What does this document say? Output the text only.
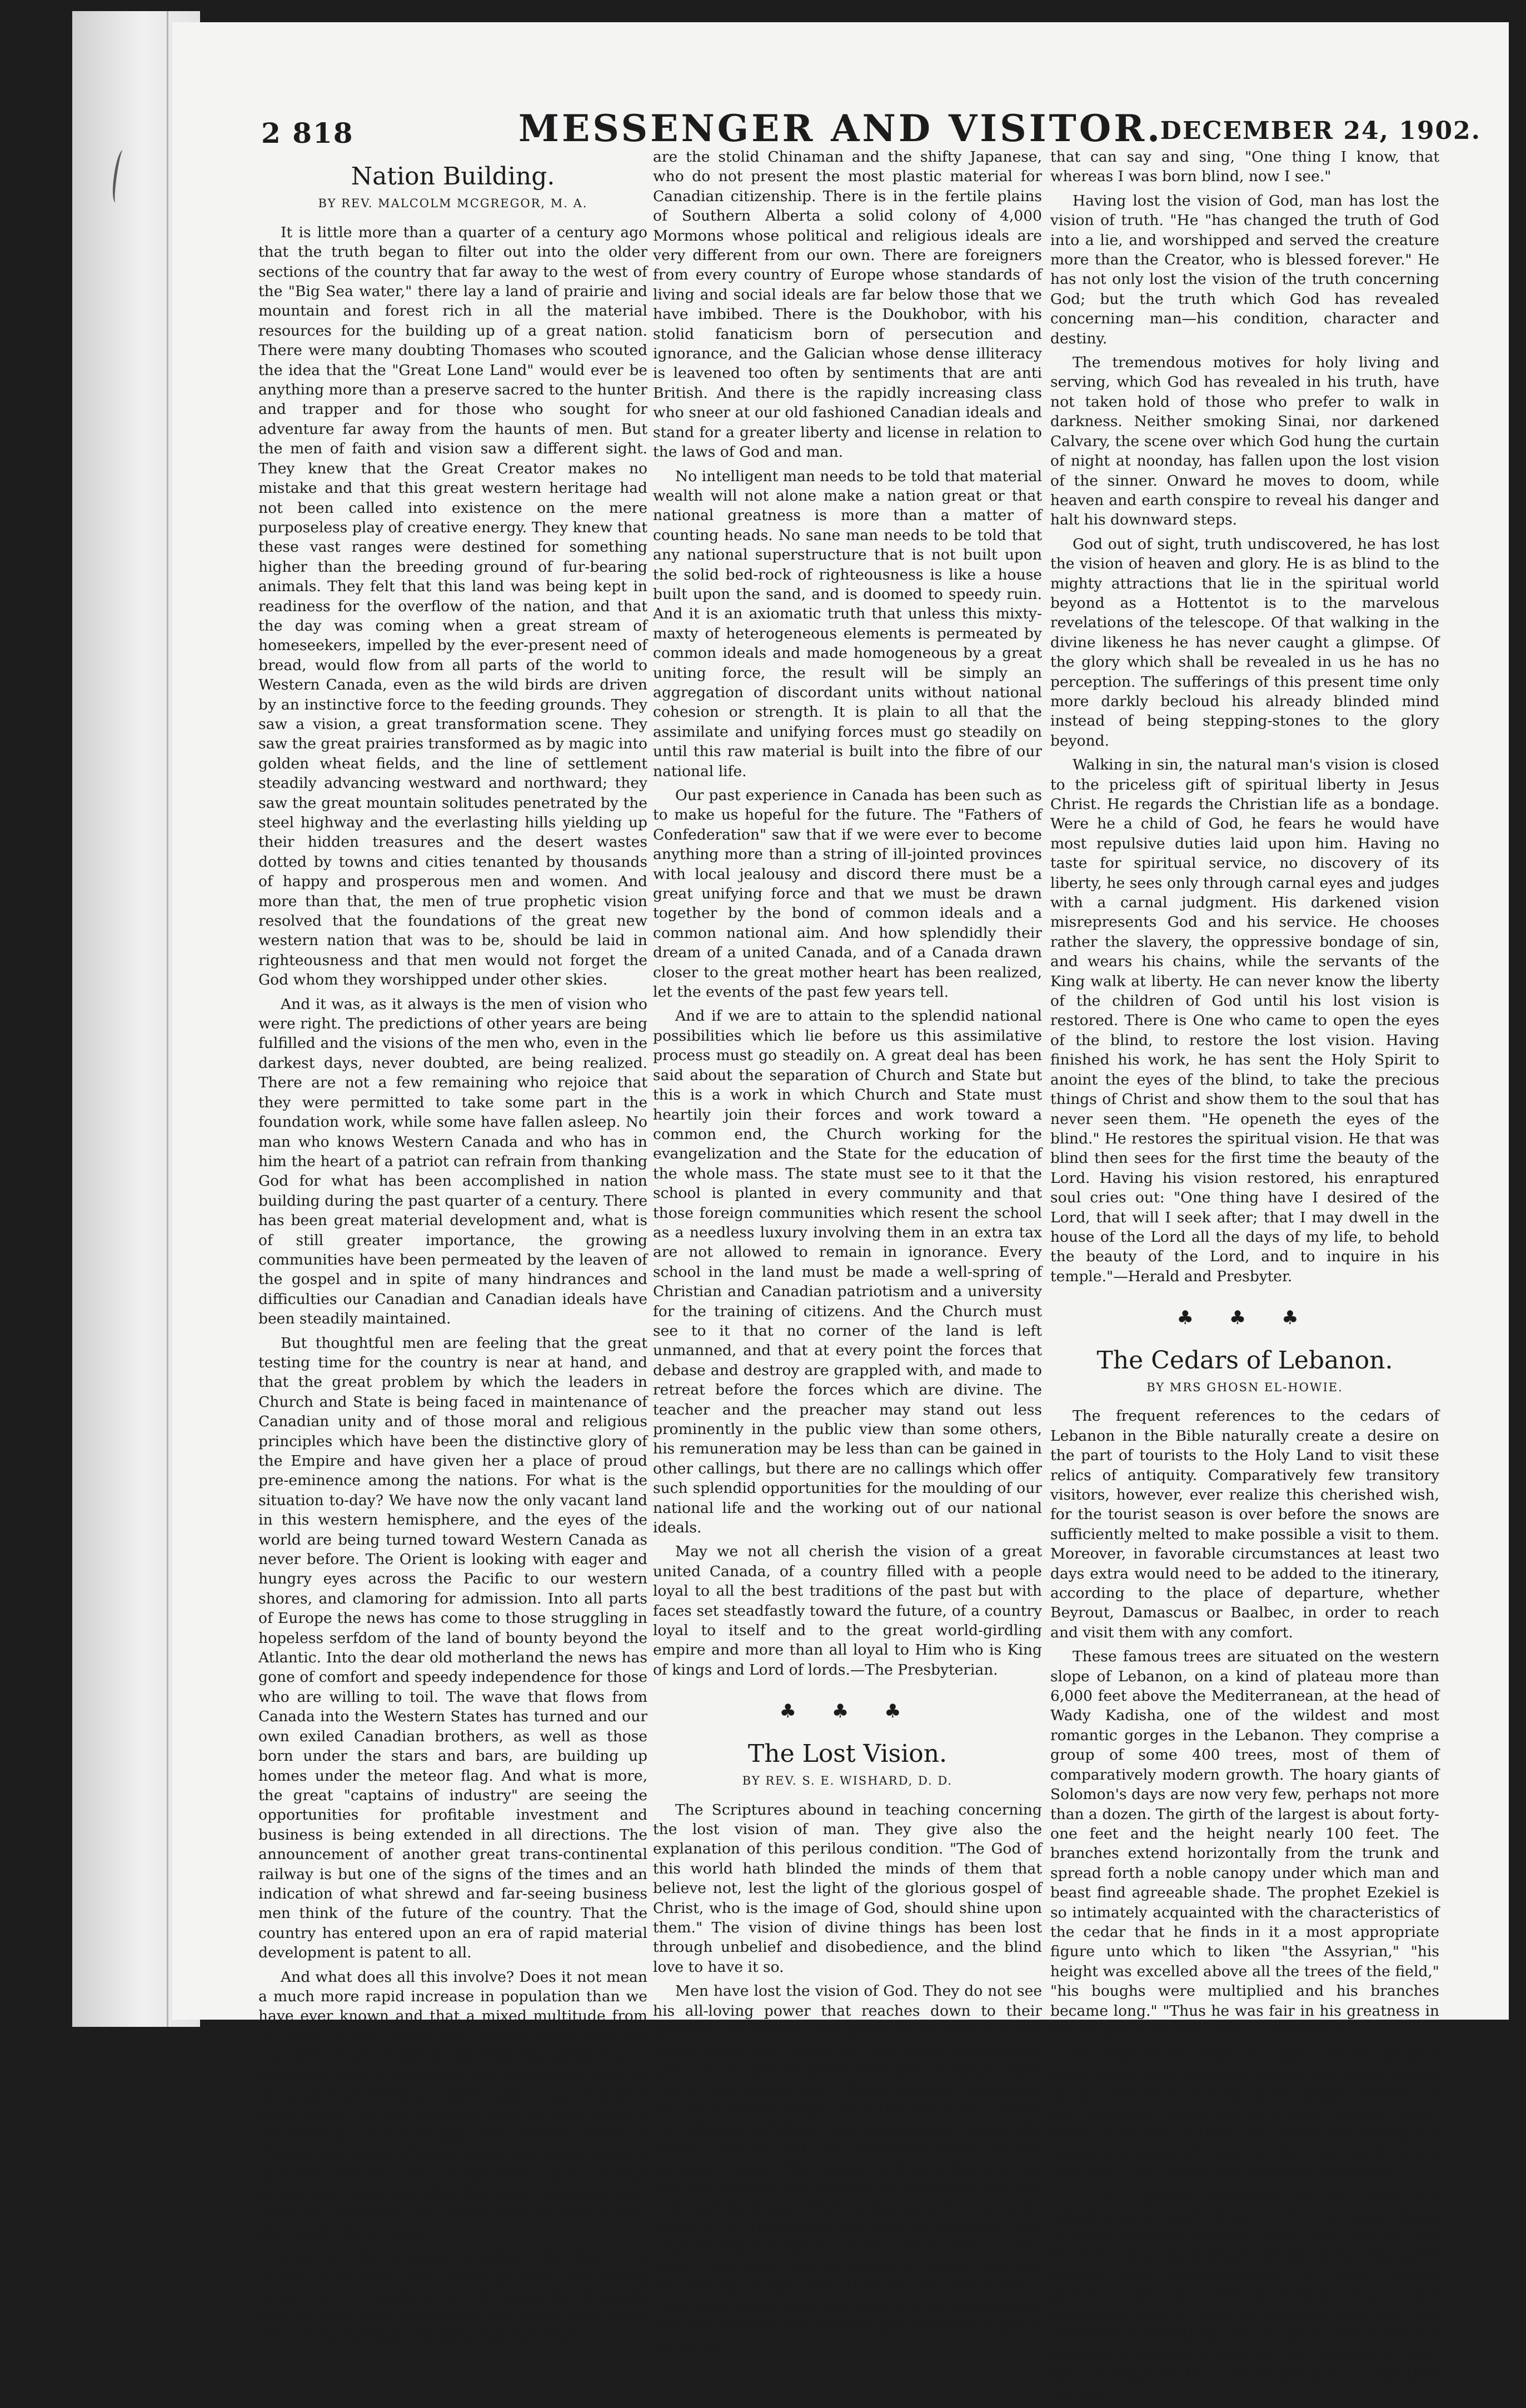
2 818	MESSENGER AND VISITOR.
DECEMBER 24, 1902.
Nation Building.
BY REV. MALCOLM MCGREGOR, M. A.

It is little more than a quarter of a century ago that the truth began to filter out into the older sections of the country that far away to the west of the "Big Sea water," there lay a land of prairie and mountain and forest rich in all the material resources for the building up of a great nation. There were many doubting Thomases who scouted the idea that the "Great Lone Land" would ever be anything more than a preserve sacred to the hunter and trapper and for those who sought for adventure far away from the haunts of men. But the men of faith and vision saw a different sight. They knew that the Great Creator makes no mistake and that this great western heritage had not been called into existence on the mere purposeless play of creative energy. They knew that these vast ranges were destined for something higher than the breeding ground of fur-bearing animals. They felt that this land was being kept in readiness for the overflow of the nation, and that the day was coming when a great stream of homeseekers, impelled by the ever-present need of bread, would flow from all parts of the world to Western Canada, even as the wild birds are driven by an instinctive force to the feeding grounds. They saw a vision, a great transformation scene. They saw the great prairies transformed as by magic into golden wheat fields, and the line of settlement steadily advancing westward and northward; they saw the great mountain solitudes penetrated by the steel highway and the everlasting hills yielding up their hidden treasures and the desert wastes dotted by towns and cities tenanted by thousands of happy and prosperous men and women. And more than that, the men of true prophetic vision resolved that the foundations of the great new western nation that was to be, should be laid in righteousness and that men would not forget the God whom they worshipped under other skies.

And it was, as it always is the men of vision who were right. The predictions of other years are being fulfilled and the visions of the men who, even in the darkest days, never doubted, are being realized. There are not a few remaining who rejoice that they were permitted to take some part in the foundation work, while some have fallen asleep. No man who knows Western Canada and who has in him the heart of a patriot can refrain from thanking God for what has been accomplished in nation building during the past quarter of a century. There has been great material development and, what is of still greater importance, the growing communities have been permeated by the leaven of the gospel and in spite of many hindrances and difficulties our Canadian and Canadian ideals have been steadily maintained.

But thoughtful men are feeling that the great testing time for the country is near at hand, and that the great problem by which the leaders in Church and State is being faced in maintenance of Canadian unity and of those moral and religious principles which have been the distinctive glory of the Empire and have given her a place of proud pre-eminence among the nations. For what is the situation to-day? We have now the only vacant land in this western hemisphere, and the eyes of the world are being turned toward Western Canada as never before. The Orient is looking with eager and hungry eyes across the Pacific to our western shores, and clamoring for admission. Into all parts of Europe the news has come to those struggling in hopeless serfdom of the land of bounty beyond the Atlantic. Into the dear old motherland the news has gone of comfort and speedy independence for those who are willing to toil. The wave that flows from Canada into the Western States has turned and our own exiled Canadian brothers, as well as those born under the stars and bars, are building up homes under the meteor flag. And what is more, the great "captains of industry" are seeing the opportunities for profitable investment and business is being extended in all directions. The announcement of another great trans-continental railway is but one of the signs of the times and an indication of what shrewd and far-seeing business men think of the future of the country. That the country has entered upon an era of rapid material development is patent to all.

And what does all this involve? Does it not mean a much more rapid increase in population than we have ever known and that a mixed multitude from all parts of the world will spread itself over our country? Does it not mean that the problems in statecraft and in education and missionary work in the past have been as child's play compared with those which we will speedily have to face? Does it not mean too that if Canada ever needed leaders in Church and State of large vision and noble outlook in order that the heart of the nation may be kept strong and true, and that the baser elements that work for weakness and decay may be kept under, she needs them today.

Look at the present situation. We have the Indian population and, although they are fading away every consideration of humanity demands that we shall deal generously and kindly with those into whose heritage we have entered. There

are the stolid Chinaman and the shifty Japanese, who do not present the most plastic material for Canadian citizenship. There is in the fertile plains of Southern Alberta a solid colony of 4,000 Mormons whose political and religious ideals are very different from our own. There are foreigners from every country of Europe whose standards of living and social ideals are far below those that we have imbibed. There is the Doukhobor, with his stolid fanaticism born of persecution and ignorance, and the Galician whose dense illiteracy is leavened too often by sentiments that are anti British. And there is the rapidly increasing class who sneer at our old fashioned Canadian ideals and stand for a greater liberty and license in relation to the laws of God and man.

No intelligent man needs to be told that material wealth will not alone make a nation great or that national greatness is more than a matter of counting heads. No sane man needs to be told that any national superstructure that is not built upon the solid bed-rock of righteousness is like a house built upon the sand, and is doomed to speedy ruin. And it is an axiomatic truth that unless this mixty-maxty of heterogeneous elements is permeated by common ideals and made homogeneous by a great uniting force, the result will be simply an aggregation of discordant units without national cohesion or strength. It is plain to all that the assimilate and unifying forces must go steadily on until this raw material is built into the fibre of our national life.

Our past experience in Canada has been such as to make us hopeful for the future. The "Fathers of Confederation" saw that if we were ever to become anything more than a string of ill-jointed provinces with local jealousy and discord there must be a great unifying force and that we must be drawn together by the bond of common ideals and a common national aim. And how splendidly their dream of a united Canada, and of a Canada drawn closer to the great mother heart has been realized, let the events of the past few years tell.

And if we are to attain to the splendid national possibilities which lie before us this assimilative process must go steadily on. A great deal has been said about the separation of Church and State but this is a work in which Church and State must heartily join their forces and work toward a common end, the Church working for the evangelization and the State for the education of the whole mass. The state must see to it that the school is planted in every community and that those foreign communities which resent the school as a needless luxury involving them in an extra tax are not allowed to remain in ignorance. Every school in the land must be made a well-spring of Christian and Canadian patriotism and a university for the training of citizens. And the Church must see to it that no corner of the land is left unmanned, and that at every point the forces that debase and destroy are grappled with, and made to retreat before the forces which are divine. The teacher and the preacher may stand out less prominently in the public view than some others, his remuneration may be less than can be gained in other callings, but there are no callings which offer such splendid opportunities for the moulding of our national life and the working out of our national ideals.

May we not all cherish the vision of a great united Canada, of a country filled with a people loyal to all the best traditions of the past but with faces set steadfastly toward the future, of a country loyal to itself and to the great world-girdling empire and more than all loyal to Him who is King of kings and Lord of lords.—The Presbyterian.

♣ ♣ ♣
The Lost Vision.
BY REV. S. E. WISHARD, D. D.

The Scriptures abound in teaching concerning the lost vision of man. They give also the explanation of this perilous condition. "The God of this world hath blinded the minds of them that believe not, lest the light of the glorious gospel of Christ, who is the image of God, should shine upon them." The vision of divine things has been lost through unbelief and disobedience, and the blind love to have it so.

Men have lost the vision of God. They do not see his all-loving power that reaches down to their greatest necessities and perils. They have lost the vision of his holy character, and "have changed the glory of the uncorruptible God into an image made like of corruptible man." Blind unbelief represents God by a visible image, or if the idol is too coarse for cultured infidelity, the imagination paints the divine One to suit the depraved views of the darkened mind. The beauty and excellence of his glorious majesty are invisible to the minds that see only earthly things. Not having seen him by faith, there is no transformation into his likeness. The inspired representations of God are to them as idle tales. They have lost all power of vision, can see "no beauty in him that they should desire him." They have never seen the light of that countenance that has beamed life and brought unutterable joy to the souls

that can say and sing, "One thing I know, that whereas I was born blind, now I see."

Having lost the vision of God, man has lost the vision of truth. "He "has changed the truth of God into a lie, and worshipped and served the creature more than the Creator, who is blessed forever." He has not only lost the vision of the truth concerning God; but the truth which God has revealed concerning man—his condition, character and destiny.

The tremendous motives for holy living and serving, which God has revealed in his truth, have not taken hold of those who prefer to walk in darkness. Neither smoking Sinai, nor darkened Calvary, the scene over which God hung the curtain of night at noonday, has fallen upon the lost vision of the sinner. Onward he moves to doom, while heaven and earth conspire to reveal his danger and halt his downward steps.

God out of sight, truth undiscovered, he has lost the vision of heaven and glory. He is as blind to the mighty attractions that lie in the spiritual world beyond as a Hottentot is to the marvelous revelations of the telescope. Of that walking in the divine likeness he has never caught a glimpse. Of the glory which shall be revealed in us he has no perception. The sufferings of this present time only more darkly becloud his already blinded mind instead of being stepping-stones to the glory beyond.

Walking in sin, the natural man's vision is closed to the priceless gift of spiritual liberty in Jesus Christ. He regards the Christian life as a bondage. Were he a child of God, he fears he would have most repulsive duties laid upon him. Having no taste for spiritual service, no discovery of its liberty, he sees only through carnal eyes and judges with a carnal judgment. His darkened vision misrepresents God and his service. He chooses rather the slavery, the oppressive bondage of sin, and wears his chains, while the servants of the King walk at liberty. He can never know the liberty of the children of God until his lost vision is restored. There is One who came to open the eyes of the blind, to restore the lost vision. Having finished his work, he has sent the Holy Spirit to anoint the eyes of the blind, to take the precious things of Christ and show them to the soul that has never seen them. "He openeth the eyes of the blind." He restores the spiritual vision. He that was blind then sees for the first time the beauty of the Lord. Having his vision restored, his enraptured soul cries out: "One thing have I desired of the Lord, that will I seek after; that I may dwell in the house of the Lord all the days of my life, to behold the beauty of the Lord, and to inquire in his temple."—Herald and Presbyter.

♣ ♣ ♣
The Cedars of Lebanon.
BY MRS GHOSN EL-HOWIE.

The frequent references to the cedars of Lebanon in the Bible naturally create a desire on the part of tourists to the Holy Land to visit these relics of antiquity. Comparatively few transitory visitors, however, ever realize this cherished wish, for the tourist season is over before the snows are sufficiently melted to make possible a visit to them. Moreover, in favorable circumstances at least two days extra would need to be added to the itinerary, according to the place of departure, whether Beyrout, Damascus or Baalbec, in order to reach and visit them with any comfort.

These famous trees are situated on the western slope of Lebanon, on a kind of plateau more than 6,000 feet above the Mediterranean, at the head of Wady Kadisha, one of the wildest and most romantic gorges in the Lebanon. They comprise a group of some 400 trees, most of them of comparatively modern growth. The hoary giants of Solomon's days are now very few, perhaps not more than a dozen. The girth of the largest is about forty-one feet and the height nearly 100 feet. The branches extend horizontally from the trunk and spread forth a noble canopy under which man and beast find agreeable shade. The prophet Ezekiel is so intimately acquainted with the characteristics of the cedar that he finds in it a most appropriate figure unto which to liken "the Assyrian," "his height was excelled above all the trees of the field," "his boughs were multiplied and his branches became long." "Thus he was fair in his greatness in the length of his branches."—Ezekiel, 31.

The fruit of the cedar is a light-colored compact cone, about four inches in length and seven inches in circumference. It rests in an upright position on the branches, supported on a little wooden stem. Many hundreds of them are preserved among the valued souvenirs of travel in the Holy Land, in the cabinets of European and American travellers.

It is a grand experience to sit under the "shadowing shroud" (Ezek., 31:3,) the dense shade of these solemnly majestic trees, and look up into the rich, close, dark-green canopy above; the awful silence and impressiveness of their stately presence fills one with a feeling of awe and reverence that is akin to worship, and one can understand something of the spirit which led the heathen to choose groves for the worship of their idols, (I Kings 15:13,) and the awful snare that they became
